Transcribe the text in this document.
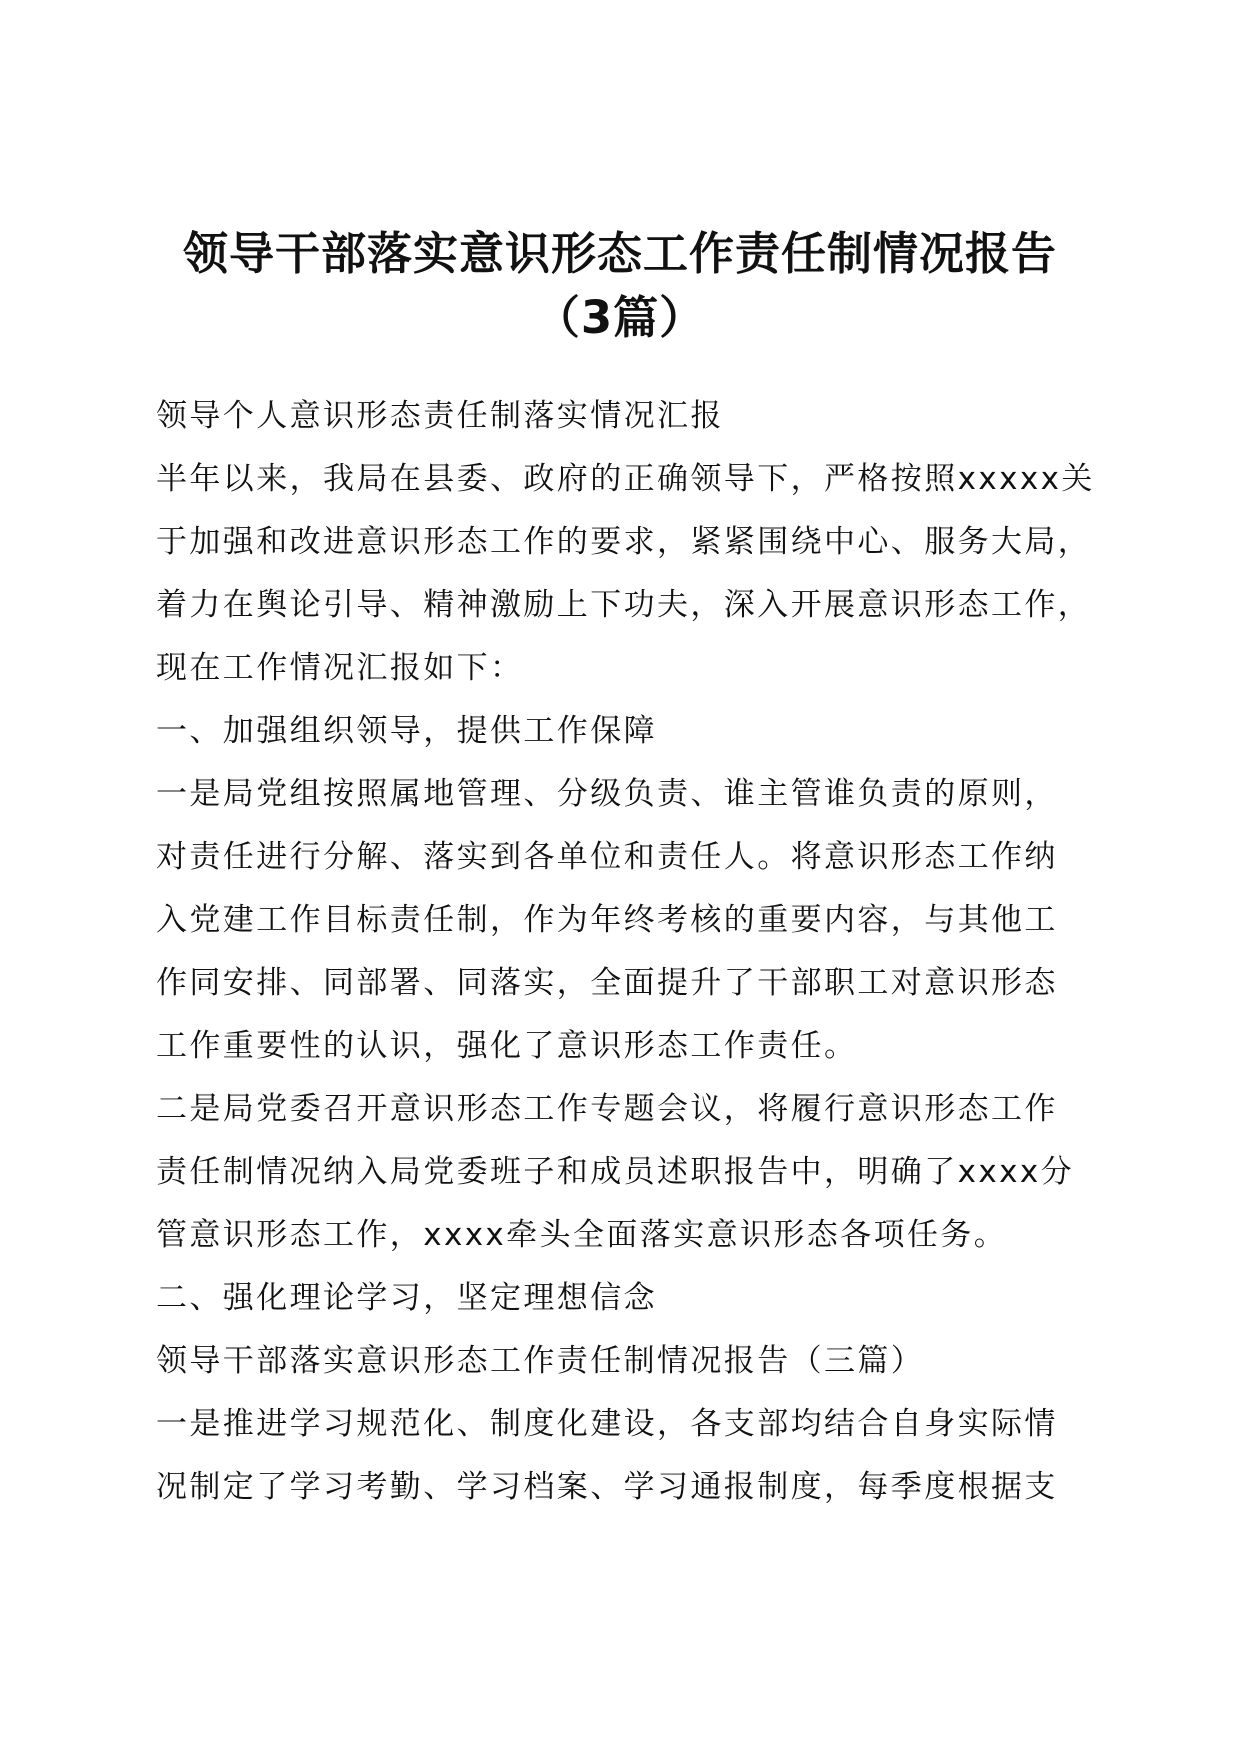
领导干部落实意识形态工作责任制情况报告
（3篇）
领导个人意识形态责任制落实情况汇报
半年以来，我局在县委、政府的正确领导下，严格按照xxxxx关
于加强和改进意识形态工作的要求，紧紧围绕中心、服务大局，
着力在舆论引导、精神激励上下功夫，深入开展意识形态工作，
现在工作情况汇报如下：
一、加强组织领导，提供工作保障
一是局党组按照属地管理、分级负责、谁主管谁负责的原则，
对责任进行分解、落实到各单位和责任人。将意识形态工作纳
入党建工作目标责任制，作为年终考核的重要内容，与其他工
作同安排、同部署、同落实，全面提升了干部职工对意识形态
工作重要性的认识，强化了意识形态工作责任。
二是局党委召开意识形态工作专题会议，将履行意识形态工作
责任制情况纳入局党委班子和成员述职报告中，明确了xxxx分
管意识形态工作，xxxx牵头全面落实意识形态各项任务。
二、强化理论学习，坚定理想信念
领导干部落实意识形态工作责任制情况报告（三篇）
一是推进学习规范化、制度化建设，各支部均结合自身实际情
况制定了学习考勤、学习档案、学习通报制度，每季度根据支
